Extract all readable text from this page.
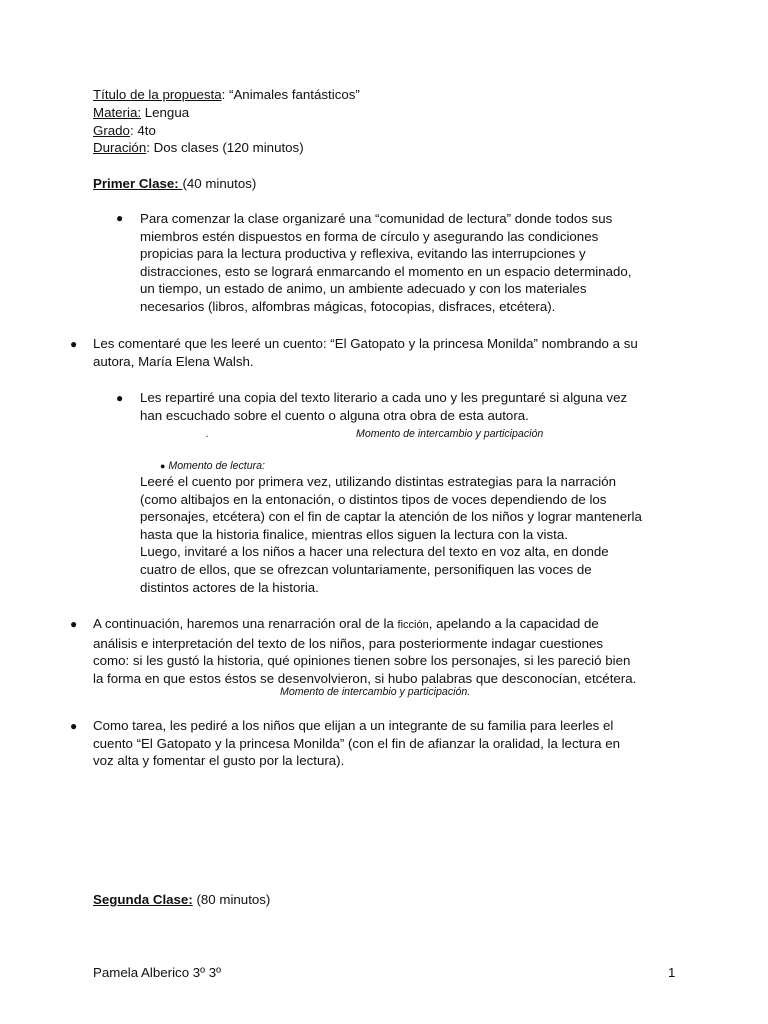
Título de la propuesta: “Animales fantásticos”
Materia: Lengua
Grado: 4to
Duración: Dos clases (120 minutos)
Primer Clase: (40 minutos)
● Para comenzar la clase organizaré una “comunidad de lectura” donde todos sus
miembros estén dispuestos en forma de círculo y asegurando las condiciones
propicias para la lectura productiva y reflexiva, evitando las interrupciones y
distracciones, esto se logrará enmarcando el momento en un espacio determinado,
un tiempo, un estado de animo, un ambiente adecuado y con los materiales
necesarios (libros, alfombras mágicas, fotocopias, disfraces, etcétera).
● Les comentaré que les leeré un cuento: “El Gatopato y la princesa Monilda” nombrando a su
autora, María Elena Walsh.
● Les repartiré una copia del texto literario a cada uno y les preguntaré si alguna vez
han escuchado sobre el cuento o alguna otra obra de esta autora.
.	Momento de intercambio y participación
● Momento de lectura:
Leeré el cuento por primera vez, utilizando distintas estrategias para la narración
(como altibajos en la entonación, o distintos tipos de voces dependiendo de los
personajes, etcétera) con el fin de captar la atención de los niños y lograr mantenerla
hasta que la historia finalice, mientras ellos siguen la lectura con la vista.
Luego, invitaré a los niños a hacer una relectura del texto en voz alta, en donde
cuatro de ellos, que se ofrezcan voluntariamente, personifiquen las voces de
distintos actores de la historia.
● A continuación, haremos una renarración oral de la ficción, apelando a la capacidad de
análisis e interpretación del texto de los niños, para posteriormente indagar cuestiones
como: si les gustó la historia, qué opiniones tienen sobre los personajes, si les pareció bien
la forma en que estos éstos se desenvolvieron, si hubo palabras que desconocían, etcétera.
Momento de intercambio y participación.
● Como tarea, les pediré a los niños que elijan a un integrante de su familia para leerles el
cuento “El Gatopato y la princesa Monilda” (con el fin de afianzar la oralidad, la lectura en
voz alta y fomentar el gusto por la lectura).
Segunda Clase: (80 minutos)
Pamela Alberico 3º 3º	1
